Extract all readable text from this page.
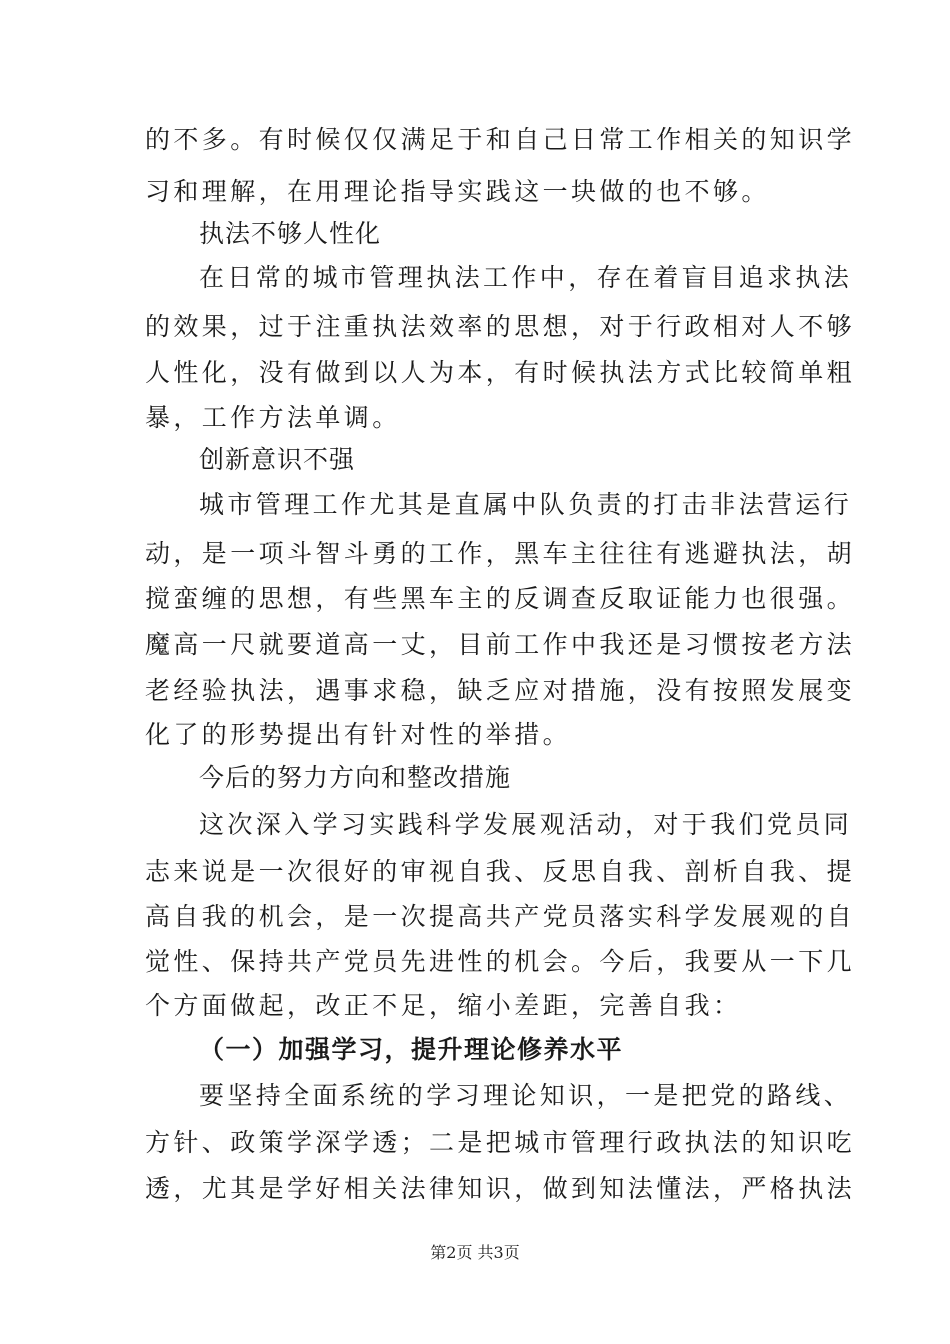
的不多。有时候仅仅满足于和自己日常工作相关的知识学

习和理解，在用理论指导实践这一块做的也不够。

执法不够人性化

在日常的城市管理执法工作中，存在着盲目追求执法

的效果，过于注重执法效率的思想，对于行政相对人不够

人性化，没有做到以人为本，有时候执法方式比较简单粗

暴，工作方法单调。

创新意识不强

城市管理工作尤其是直属中队负责的打击非法营运行

动，是一项斗智斗勇的工作，黑车主往往有逃避执法，胡

搅蛮缠的思想，有些黑车主的反调查反取证能力也很强。

魔高一尺就要道高一丈，目前工作中我还是习惯按老方法

老经验执法，遇事求稳，缺乏应对措施，没有按照发展变

化了的形势提出有针对性的举措。

今后的努力方向和整改措施

这次深入学习实践科学发展观活动，对于我们党员同

志来说是一次很好的审视自我、反思自我、剖析自我、提

高自我的机会，是一次提高共产党员落实科学发展观的自

觉性、保持共产党员先进性的机会。今后，我要从一下几

个方面做起，改正不足，缩小差距，完善自我：

（一）加强学习，提升理论修养水平

要坚持全面系统的学习理论知识，一是把党的路线、

方针、政策学深学透；二是把城市管理行政执法的知识吃

透，尤其是学好相关法律知识，做到知法懂法，严格执法

第2页 共3页
